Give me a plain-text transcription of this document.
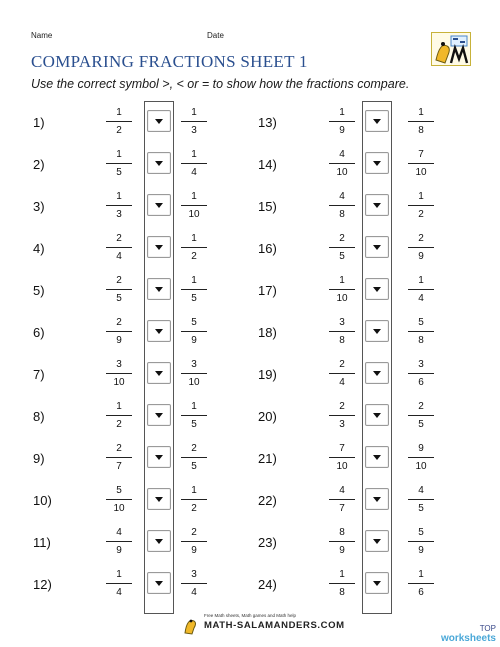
Name	Date
COMPARING FRACTIONS SHEET 1

Use the correct symbol >, < or = to show how the fractions compare.

1)
1
2
1
3
2)
1
5
1
4
3)
1
3
1
10
4)
2
4
1
2
5)
2
5
1
5
6)
2
9
5
9
7)
3
10
3
10
8)
1
2
1
5
9)
2
7
2
5
10)
5
10
1
2
11)
4
9
2
9
12)
1
4
3
4
13)
1
9
1
8
14)
4
10
7
10
15)
4
8
1
2
16)
2
5
2
9
17)
1
10
1
4
18)
3
8
5
8
19)
2
4
3
6
20)
2
3
2
5
21)
7
10
9
10
22)
4
7
4
5
23)
8
9
5
9
24)
1
8
1
6
Free Math sheets, Math games and Math help
MATH-SALAMANDERS.COM	TOP
worksheets
